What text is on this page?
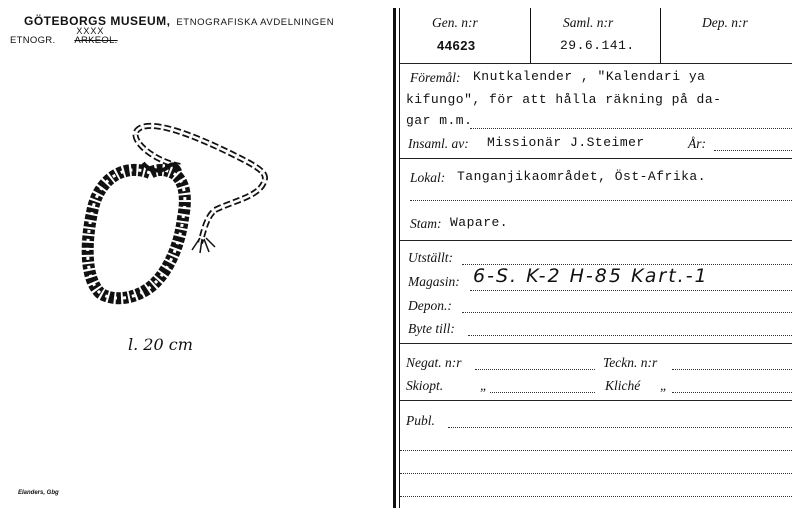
GÖTEBORGS MUSEUM, ETNOGRAFISKA AVDELNINGEN
ETNOGR.
XXXX
ARKEOL.
l. 20 cm
Elanders, Gbg
Gen. n:r
44623
Saml. n:r
29.6.141.
Dep. n:r
Föremål: Knutkalender , "Kalendari ya
kifungo", för att hålla räkning på da-
gar m.m.
Insaml. av: Missionär J.Steimer	År:
Lokal: Tanganjikaområdet, Öst-Afrika.
Stam: Wapare.
Utställt:
Magasin: 6-S. K-2 H-85 Kart.-1
Depon.:
Byte till:
Negat. n:r	Teckn. n:r
Skiopt.	„	Kliché „
Publ.
